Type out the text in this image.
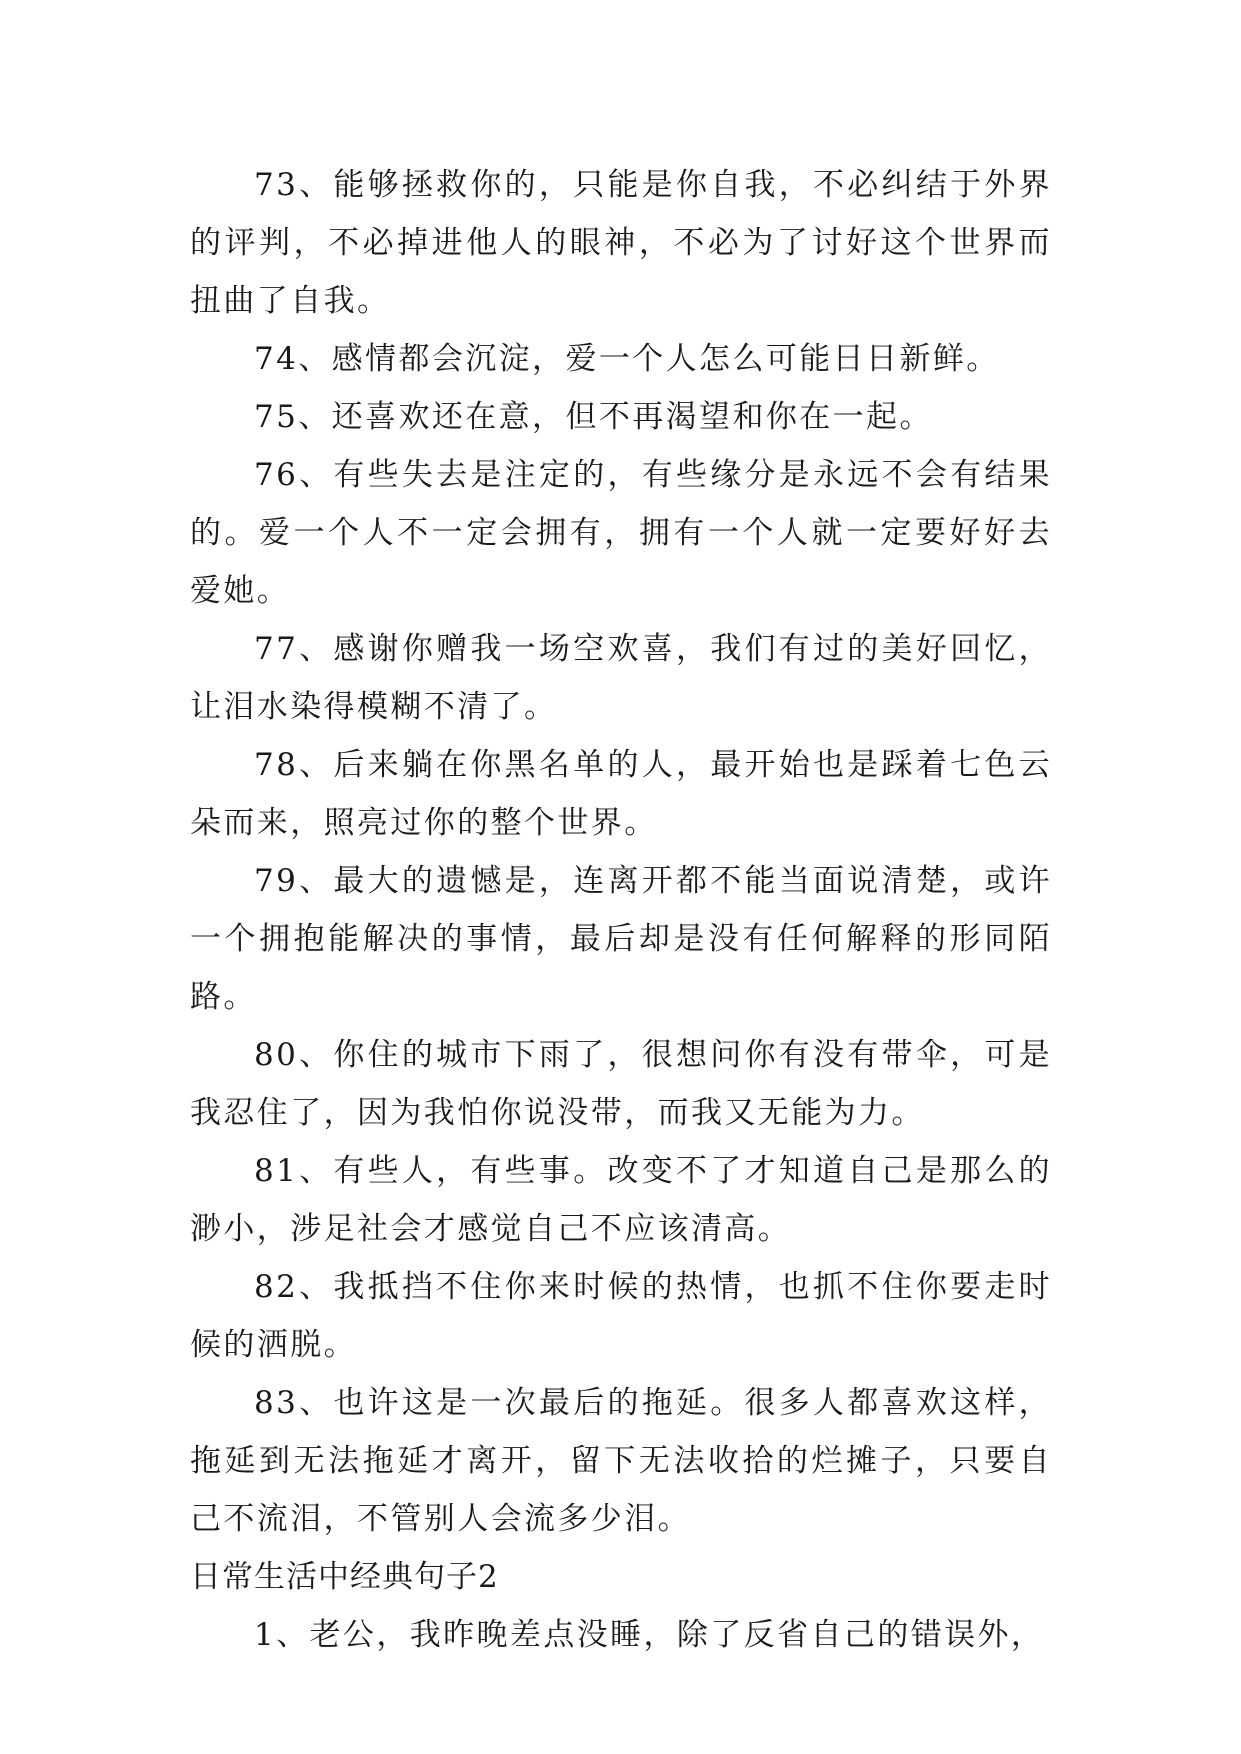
73、能够拯救你的，只能是你自我，不必纠结于外界的评判，不必掉进他人的眼神，不必为了讨好这个世界而扭曲了自我。

74、感情都会沉淀，爱一个人怎么可能日日新鲜。

75、还喜欢还在意，但不再渴望和你在一起。

76、有些失去是注定的，有些缘分是永远不会有结果的。爱一个人不一定会拥有，拥有一个人就一定要好好去爱她。

77、感谢你赠我一场空欢喜，我们有过的美好回忆，让泪水染得模糊不清了。

78、后来躺在你黑名单的人，最开始也是踩着七色云朵而来，照亮过你的整个世界。

79、最大的遗憾是，连离开都不能当面说清楚，或许一个拥抱能解决的事情，最后却是没有任何解释的形同陌路。

80、你住的城市下雨了，很想问你有没有带伞，可是我忍住了，因为我怕你说没带，而我又无能为力。

81、有些人，有些事。改变不了才知道自己是那么的渺小，涉足社会才感觉自己不应该清高。

82、我抵挡不住你来时候的热情，也抓不住你要走时候的洒脱。

83、也许这是一次最后的拖延。很多人都喜欢这样，拖延到无法拖延才离开，留下无法收拾的烂摊子，只要自己不流泪，不管别人会流多少泪。

日常生活中经典句子2

1、老公，我昨晚差点没睡，除了反省自己的错误外，
